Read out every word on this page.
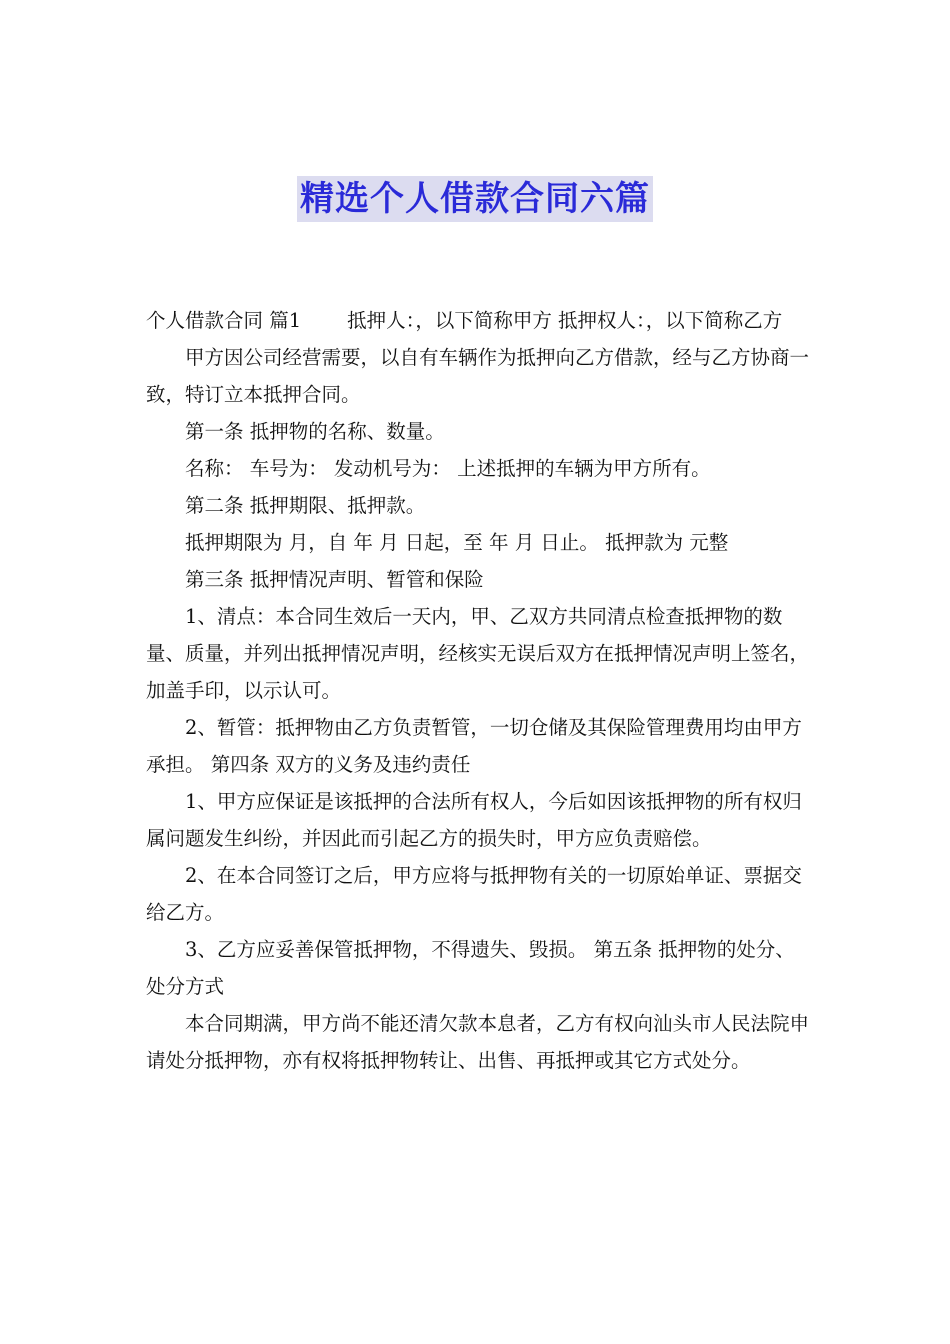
精选个人借款合同六篇

个人借款合同 篇1 抵押人：，以下简称甲方 抵押权人：，以下简称乙方

甲方因公司经营需要，以自有车辆作为抵押向乙方借款，经与乙方协商一致，特订立本抵押合同。

第一条 抵押物的名称、数量。

名称： 车号为： 发动机号为： 上述抵押的车辆为甲方所有。

第二条 抵押期限、抵押款。

抵押期限为 月，自 年 月 日起，至 年 月 日止。 抵押款为 元整

第三条 抵押情况声明、暂管和保险

1、清点：本合同生效后一天内，甲、乙双方共同清点检查抵押物的数量、质量，并列出抵押情况声明，经核实无误后双方在抵押情况声明上签名，加盖手印，以示认可。

2、暂管：抵押物由乙方负责暂管，一切仓储及其保险管理费用均由甲方承担。 第四条 双方的义务及违约责任

1、甲方应保证是该抵押的合法所有权人，今后如因该抵押物的所有权归属问题发生纠纷，并因此而引起乙方的损失时，甲方应负责赔偿。

2、在本合同签订之后，甲方应将与抵押物有关的一切原始单证、票据交给乙方。

3、乙方应妥善保管抵押物，不得遗失、毁损。 第五条 抵押物的处分、处分方式

本合同期满，甲方尚不能还清欠款本息者，乙方有权向汕头市人民法院申请处分抵押物，亦有权将抵押物转让、出售、再抵押或其它方式处分。
